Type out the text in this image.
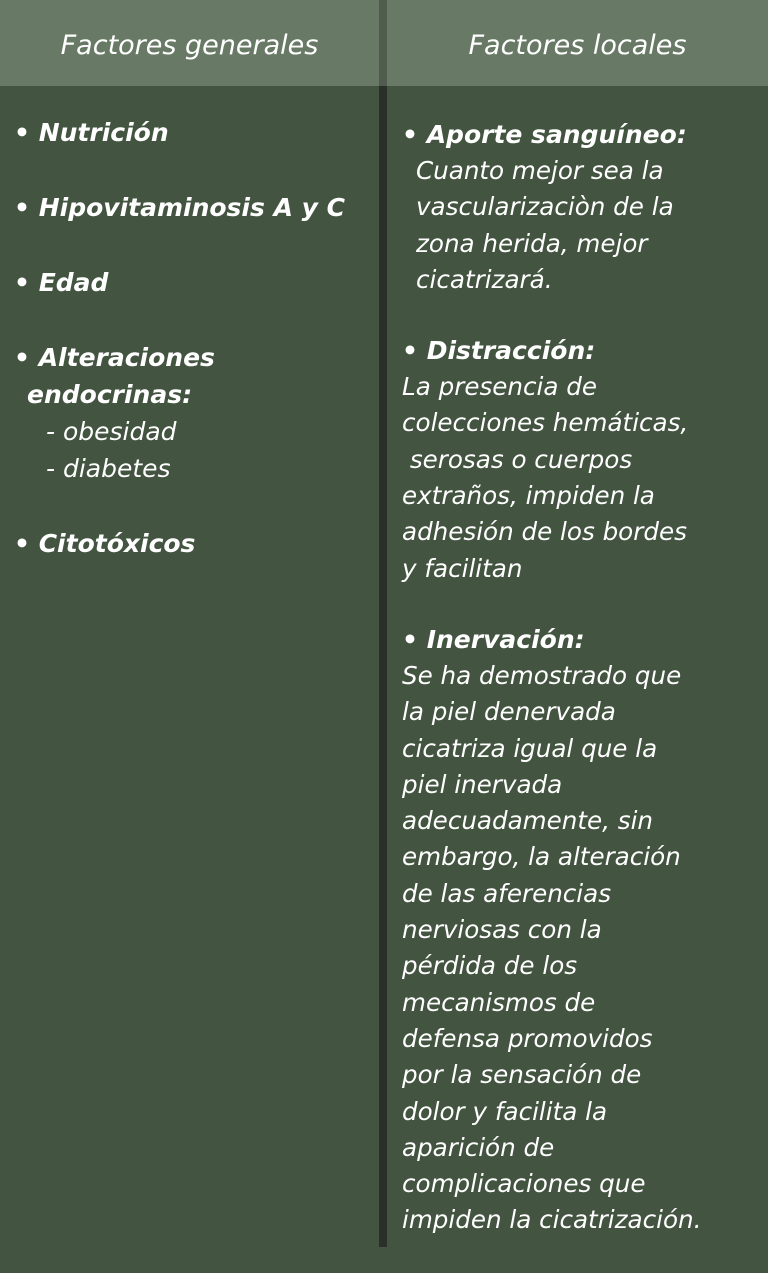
Factores generales	Factores locales
• Nutrición
• Hipovitaminosis A y C
• Edad
• Alteraciones
endocrinas:
- obesidad
- diabetes
• Citotóxicos
• Aporte sanguíneo:
Cuanto mejor sea la
vascularizaciòn de la
zona herida, mejor
cicatrizará.
• Distracción:
La presencia de
colecciones hemáticas,
serosas o cuerpos
extraños, impiden la
adhesión de los bordes
y facilitan
• Inervación:
Se ha demostrado que
la piel denervada
cicatriza igual que la
piel inervada
adecuadamente, sin
embargo, la alteración
de las aferencias
nerviosas con la
pérdida de los
mecanismos de
defensa promovidos
por la sensación de
dolor y facilita la
aparición de
complicaciones que
impiden la cicatrización.
